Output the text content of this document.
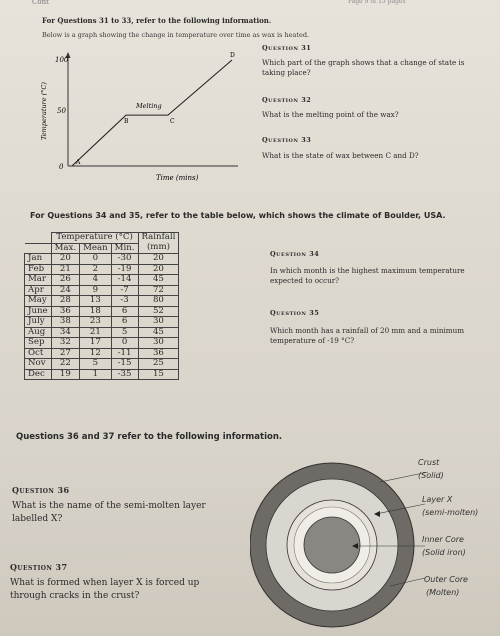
Cont	Page 9 of 15 pages
For Questions 31 to 33, refer to the following information.
Below is a graph showing the change in temperature over time as wax is heated.
100
50
0
Temperature (°C)
Time (mins)
A
B	C
D
Melting
Question 31
Which part of the graph shows that a change of state is taking place?
Question 32
What is the melting point of the wax?
Question 33
What is the state of wax between C and D?
For Questions 34 and 35, refer to the table below, which shows the climate of Boulder, USA.
	Temperature (°C)			Rainfall
	Max.	Mean	Min.	(mm)
Jan	20	0	-30	20
Feb	21	2	-19	20
Mar	26	4	-14	45
Apr	24	9	-7	72
May	28	13	-3	80
June	36	18	6	52
July	38	23	6	30
Aug	34	21	5	45
Sep	32	17	0	30
Oct	27	12	-11	36
Nov	22	5	-15	25
Dec	19	1	-35	15
Question 34
In which month is the highest maximum temperature expected to occur?
Question 35
Which month has a rainfall of 20 mm and a minimum temperature of -19 °C?
Questions 36 and 37 refer to the following information.
Question 36
What is the name of the semi-molten layer labelled X?
Question 37
What is formed when layer X is forced up through cracks in the crust?
Crust
(Solid)
Layer X
(semi-molten)
Inner Core
(Solid iron)
Outer Core
(Molten)
